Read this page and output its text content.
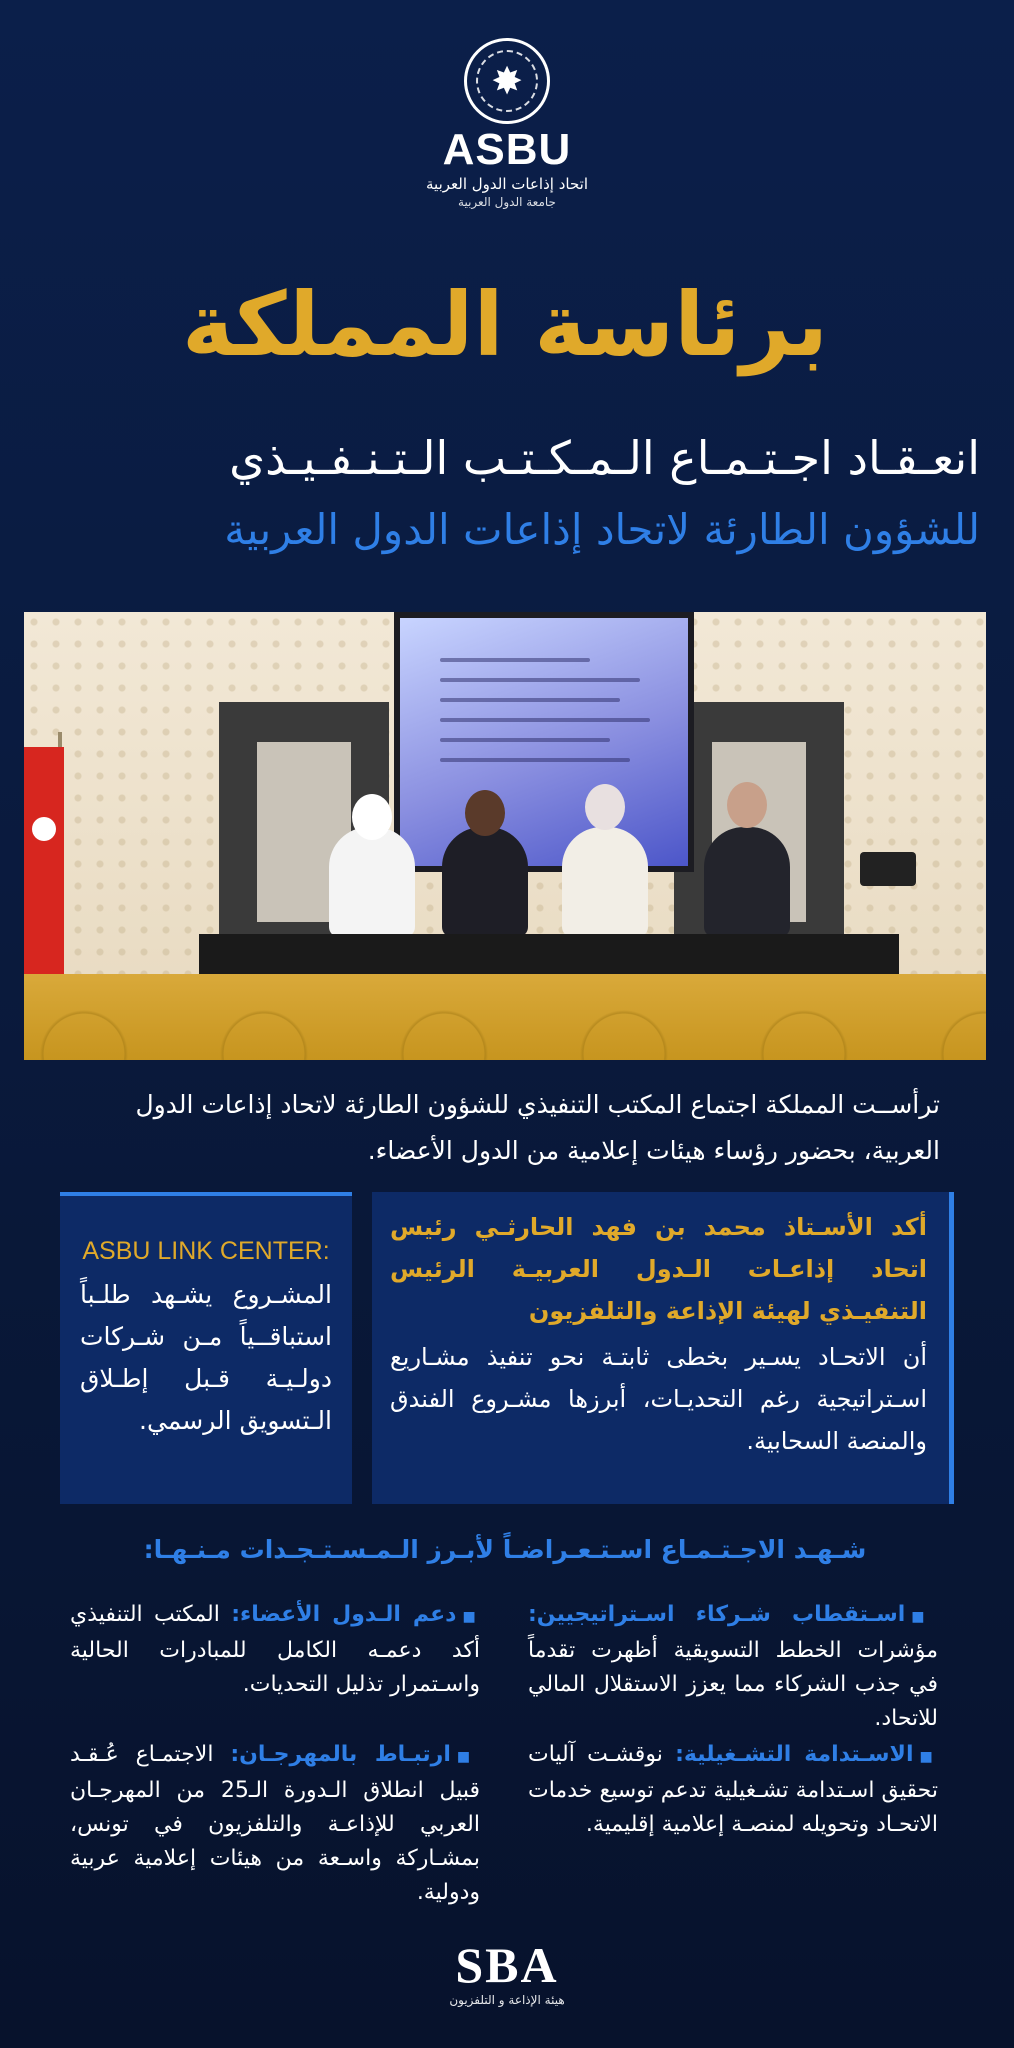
✸
ASBU
اتحاد إذاعات الدول العربية
جامعة الدول العربية
برئاسة المملكة
انعـقـاد اجـتـمـاع الـمـكـتـب الـتـنـفـيـذي
للشؤون الطارئة لاتحاد إذاعات الدول العربية
ترأســت المملكة اجتماع المكتب التنفيذي للشؤون الطارئة لاتحاد إذاعات الدول العربية، بحضور رؤساء هيئات إعلامية من الدول الأعضاء.
أكد الأسـتاذ محمد بن فهد الحارثـي رئيس اتحاد إذاعـات الـدول العربيـة الرئيس التنفيـذي لهيئة الإذاعة والتلفزيون
أن الاتحـاد يسـير بخطى ثابتـة نحو تنفيذ مشـاريع اسـتراتيجية رغم التحديـات، أبرزها مشـروع الفندق والمنصة السحابية.
ASBU LINK CENTER:
المشـروع يشـهد طلـباً استباقــياً مـن شـركات دولـيـة قـبل إطـلاق الـتسويق الرسمي.
شـهـد الاجـتـمـاع اسـتـعـراضـاً لأبـرز الـمـسـتـجـدات مـنـهـا:
■اسـتقطاب شـركاء اسـتراتيجيين: مؤشرات الخطط التسويقية أظهرت تقدماً في جذب الشركاء مما يعزز الاستقلال المالي للاتحاد.
■دعم الـدول الأعضاء: المكتب التنفيذي أكد دعمـه الكامل للمبادرات الحالية واسـتمرار تذليل التحديات.
■الاسـتدامة التشـغيلية: نوقشـت آليات تحقيق اسـتدامة تشـغيلية تدعم توسيع خدمات الاتحـاد وتحويله لمنصـة إعلامية إقليمية.
■ارتبـاط بالمهرجـان: الاجتمـاع عُـقـد قبيل انطلاق الـدورة الـ25 من المهرجـان العربي للإذاعـة والتلفزيون في تونس، بمشـاركة واسـعة من هيئات إعلامية عربية ودولية.
SBA
هيئة الإذاعة و التلفزيون
